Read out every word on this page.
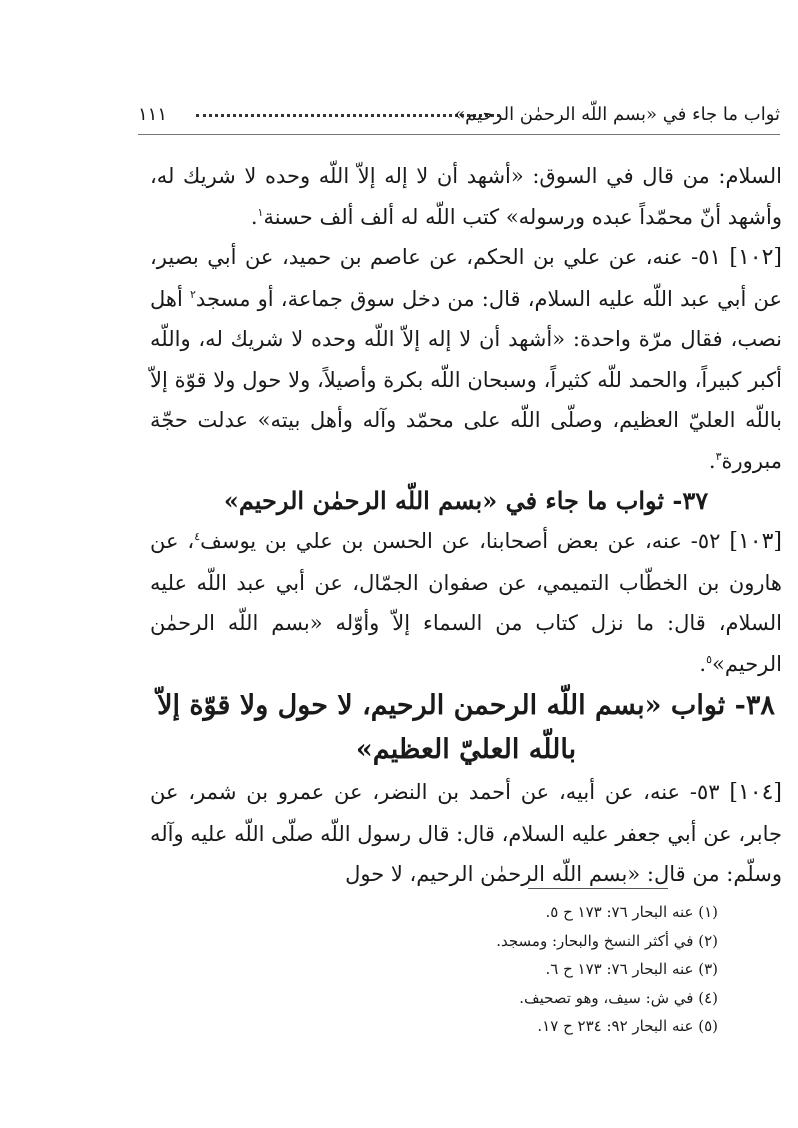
١١١	ثواب ما جاء في «بسم اللّه الرحمٰن الرحيم»

السلام: من قال في السوق: «أشهد أن لا إله إلاّ اللّه وحده لا شريك له، وأشهد أنّ محمّداً عبده ورسوله» كتب اللّه له ألف ألف حسنة$^١$.

[١٠٢] ٥١- عنه، عن علي بن الحكم، عن عاصم بن حميد، عن أبي بصير، عن أبي عبد اللّه عليه السلام، قال: من دخل سوق جماعة، أو مسجد$^٢$ أهل نصب، فقال مرّة واحدة: «أشهد أن لا إله إلاّ اللّه وحده لا شريك له، واللّه أكبر كبيراً، والحمد للّه كثيراً، وسبحان اللّه بكرة وأصيلاً، ولا حول ولا قوّة إلاّ باللّه العليّ العظيم، وصلّى اللّه على محمّد وآله وأهل بيته» عدلت حجّة مبرورة$^٣$.

٣٧- ثواب ما جاء في «بسم اللّه الرحمٰن الرحيم»

[١٠٣] ٥٢- عنه، عن بعض أصحابنا، عن الحسن بن علي بن يوسف$^٤$، عن هارون بن الخطّاب التميمي، عن صفوان الجمّال، عن أبي عبد اللّه عليه السلام، قال: ما نزل كتاب من السماء إلاّ وأوّله «بسم اللّه الرحمٰن الرحيم»$^٥$.

٣٨- ثواب «بسم اللّه الرحمن الرحيم، لا حول ولا قوّة إلاّ باللّه العليّ العظيم»

[١٠٤] ٥٣- عنه، عن أبيه، عن أحمد بن النضر، عن عمرو بن شمر، عن جابر، عن أبي جعفر عليه السلام، قال: قال رسول اللّه صلّى اللّه عليه وآله وسلّم: من قال: «بسم اللّه الرحمٰن الرحيم، لا حول

(١) عنه البحار ٧٦: ١٧٣ ح ٥.
(٢) في أكثر النسخ والبحار: ومسجد.
(٣) عنه البحار ٧٦: ١٧٣ ح ٦.
(٤) في ش: سيف، وهو تصحيف.
(٥) عنه البحار ٩٢: ٢٣٤ ح ١٧.
